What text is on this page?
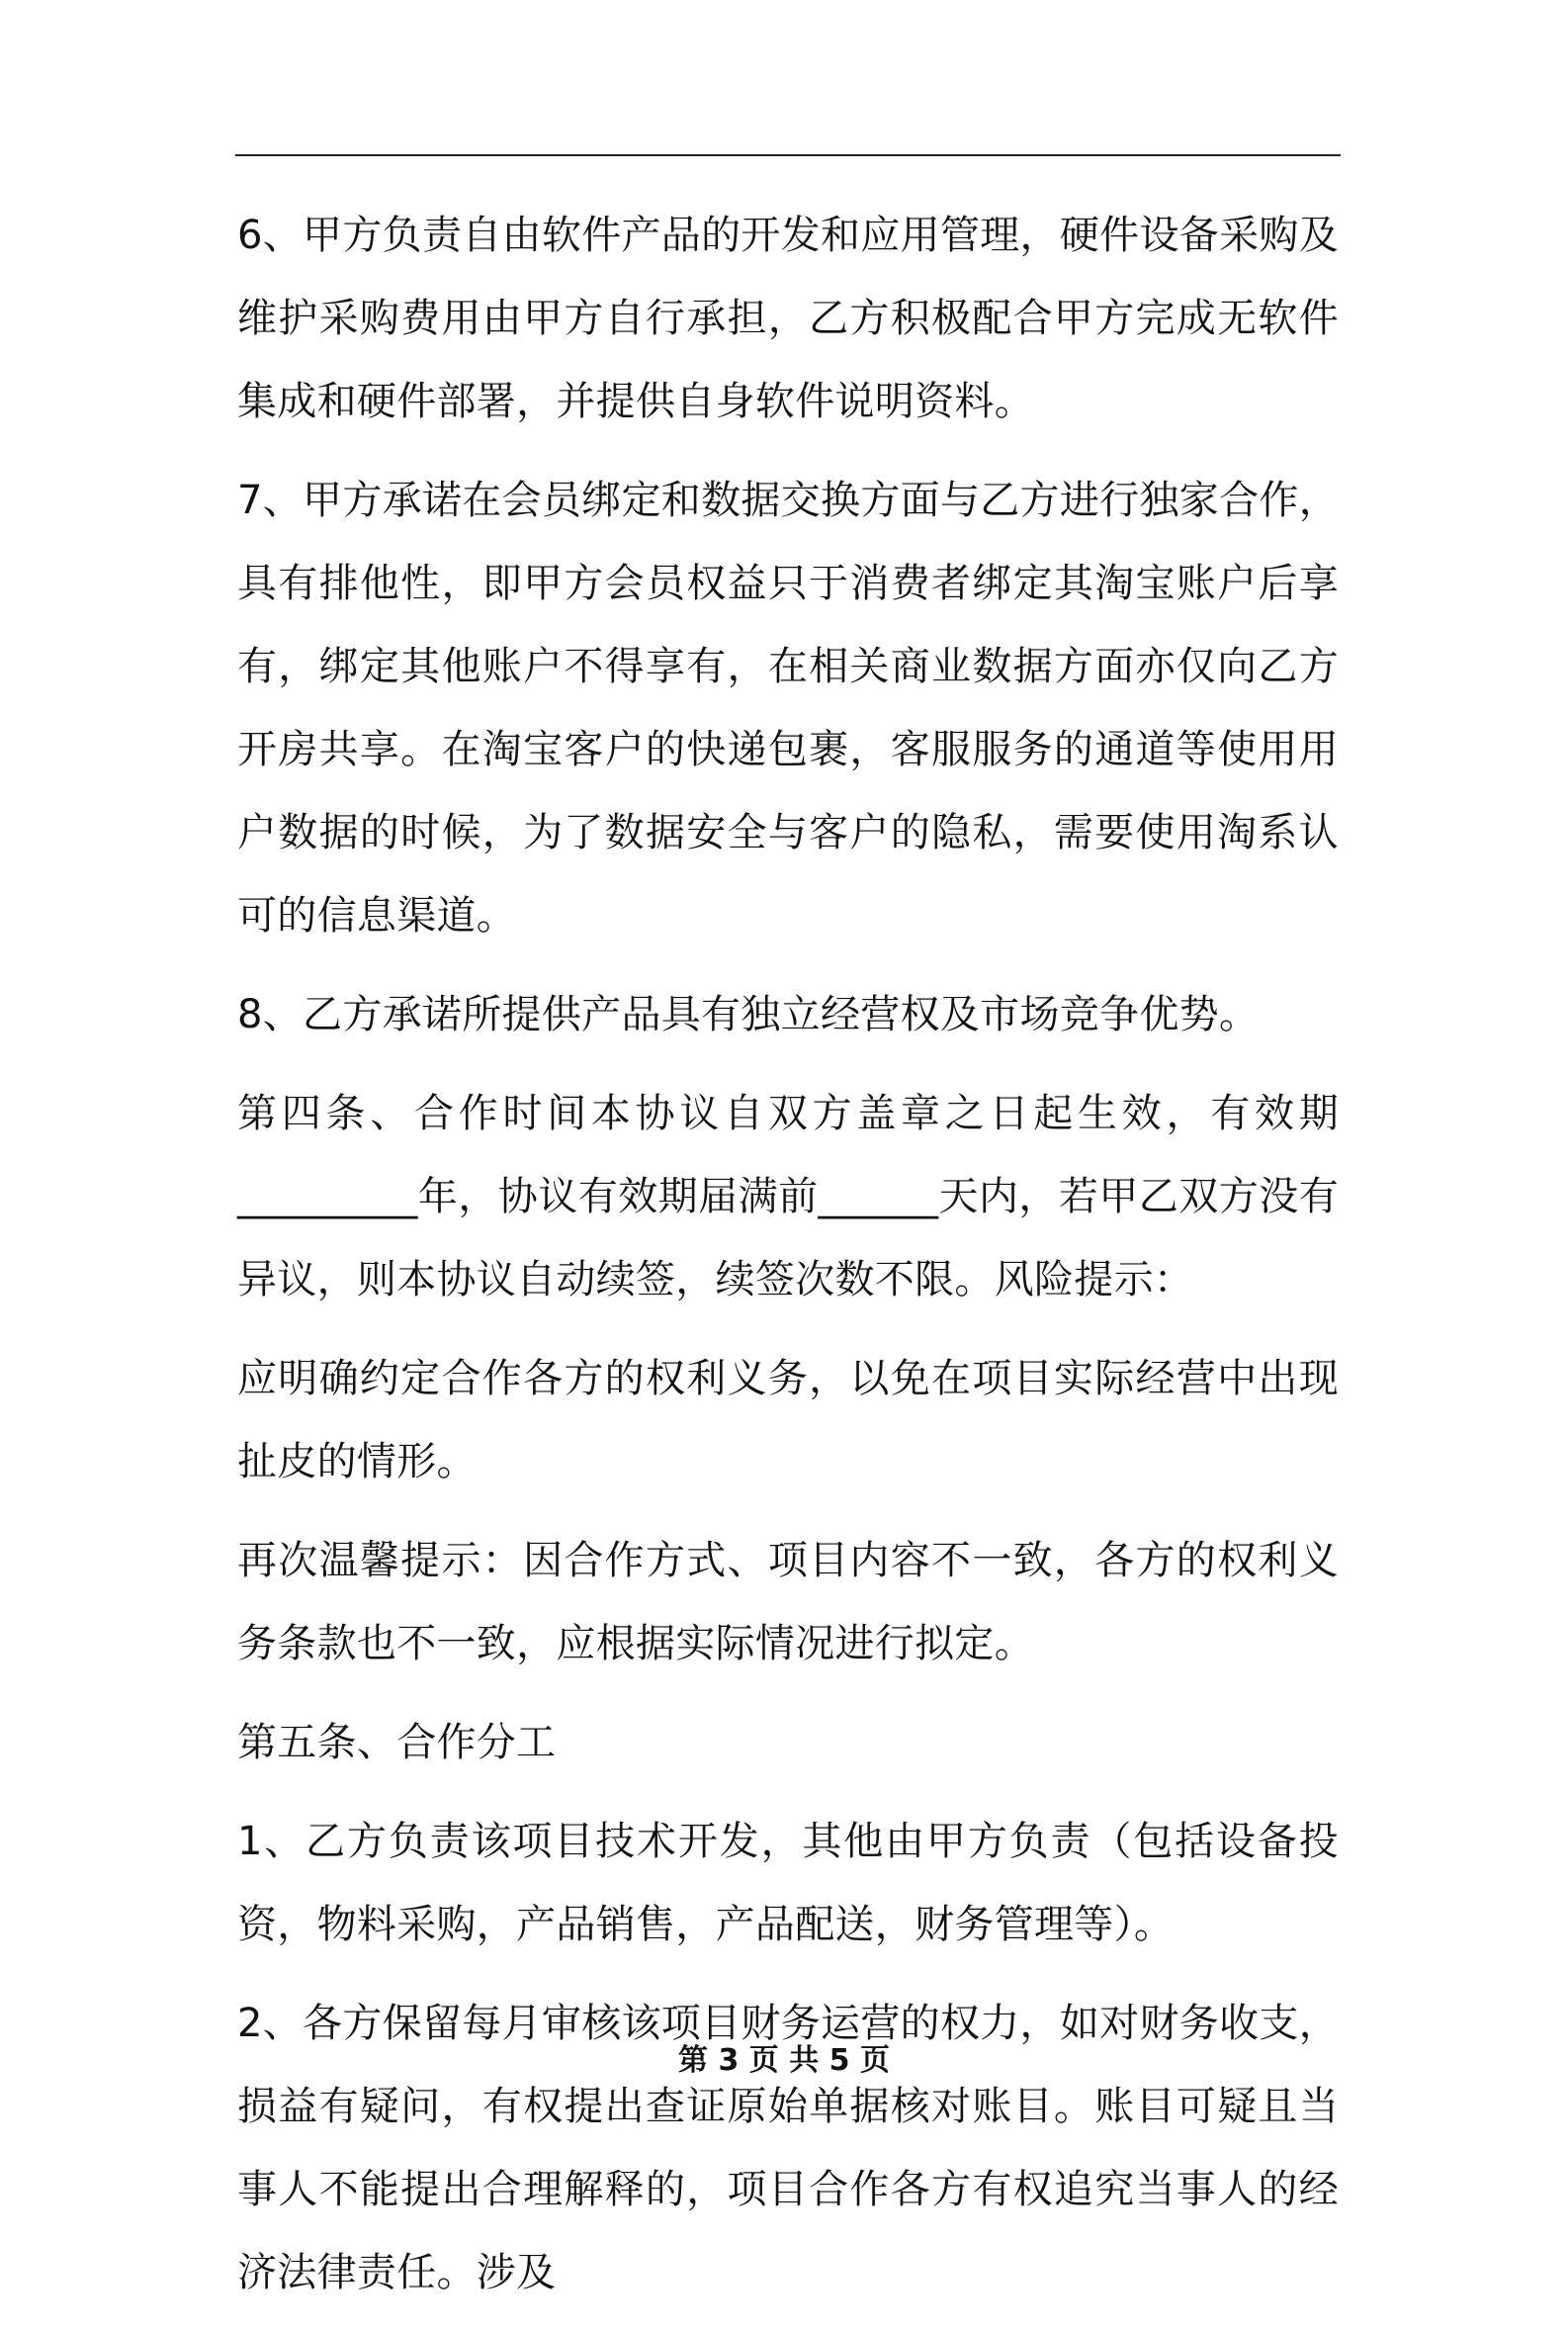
6、甲方负责自由软件产品的开发和应用管理，硬件设备采购及维护采购费用由甲方自行承担，乙方积极配合甲方完成无软件集成和硬件部署，并提供自身软件说明资料。

7、甲方承诺在会员绑定和数据交换方面与乙方进行独家合作，具有排他性，即甲方会员权益只于消费者绑定其淘宝账户后享有，绑定其他账户不得享有，在相关商业数据方面亦仅向乙方开房共享。在淘宝客户的快递包裹，客服服务的通道等使用用户数据的时候，为了数据安全与客户的隐私，需要使用淘系认可的信息渠道。

8、乙方承诺所提供产品具有独立经营权及市场竞争优势。

第四条、合作时间本协议自双方盖章之日起生效，有效期_________年，协议有效期届满前______天内，若甲乙双方没有异议，则本协议自动续签，续签次数不限。风险提示：

应明确约定合作各方的权利义务，以免在项目实际经营中出现扯皮的情形。

再次温馨提示：因合作方式、项目内容不一致，各方的权利义务条款也不一致，应根据实际情况进行拟定。

第五条、合作分工

1、乙方负责该项目技术开发，其他由甲方负责（包括设备投资，物料采购，产品销售，产品配送，财务管理等）。

2、各方保留每月审核该项目财务运营的权力，如对财务收支，损益有疑问，有权提出查证原始单据核对账目。账目可疑且当事人不能提出合理解释的，项目合作各方有权追究当事人的经济法律责任。涉及

第 3 页 共 5 页
